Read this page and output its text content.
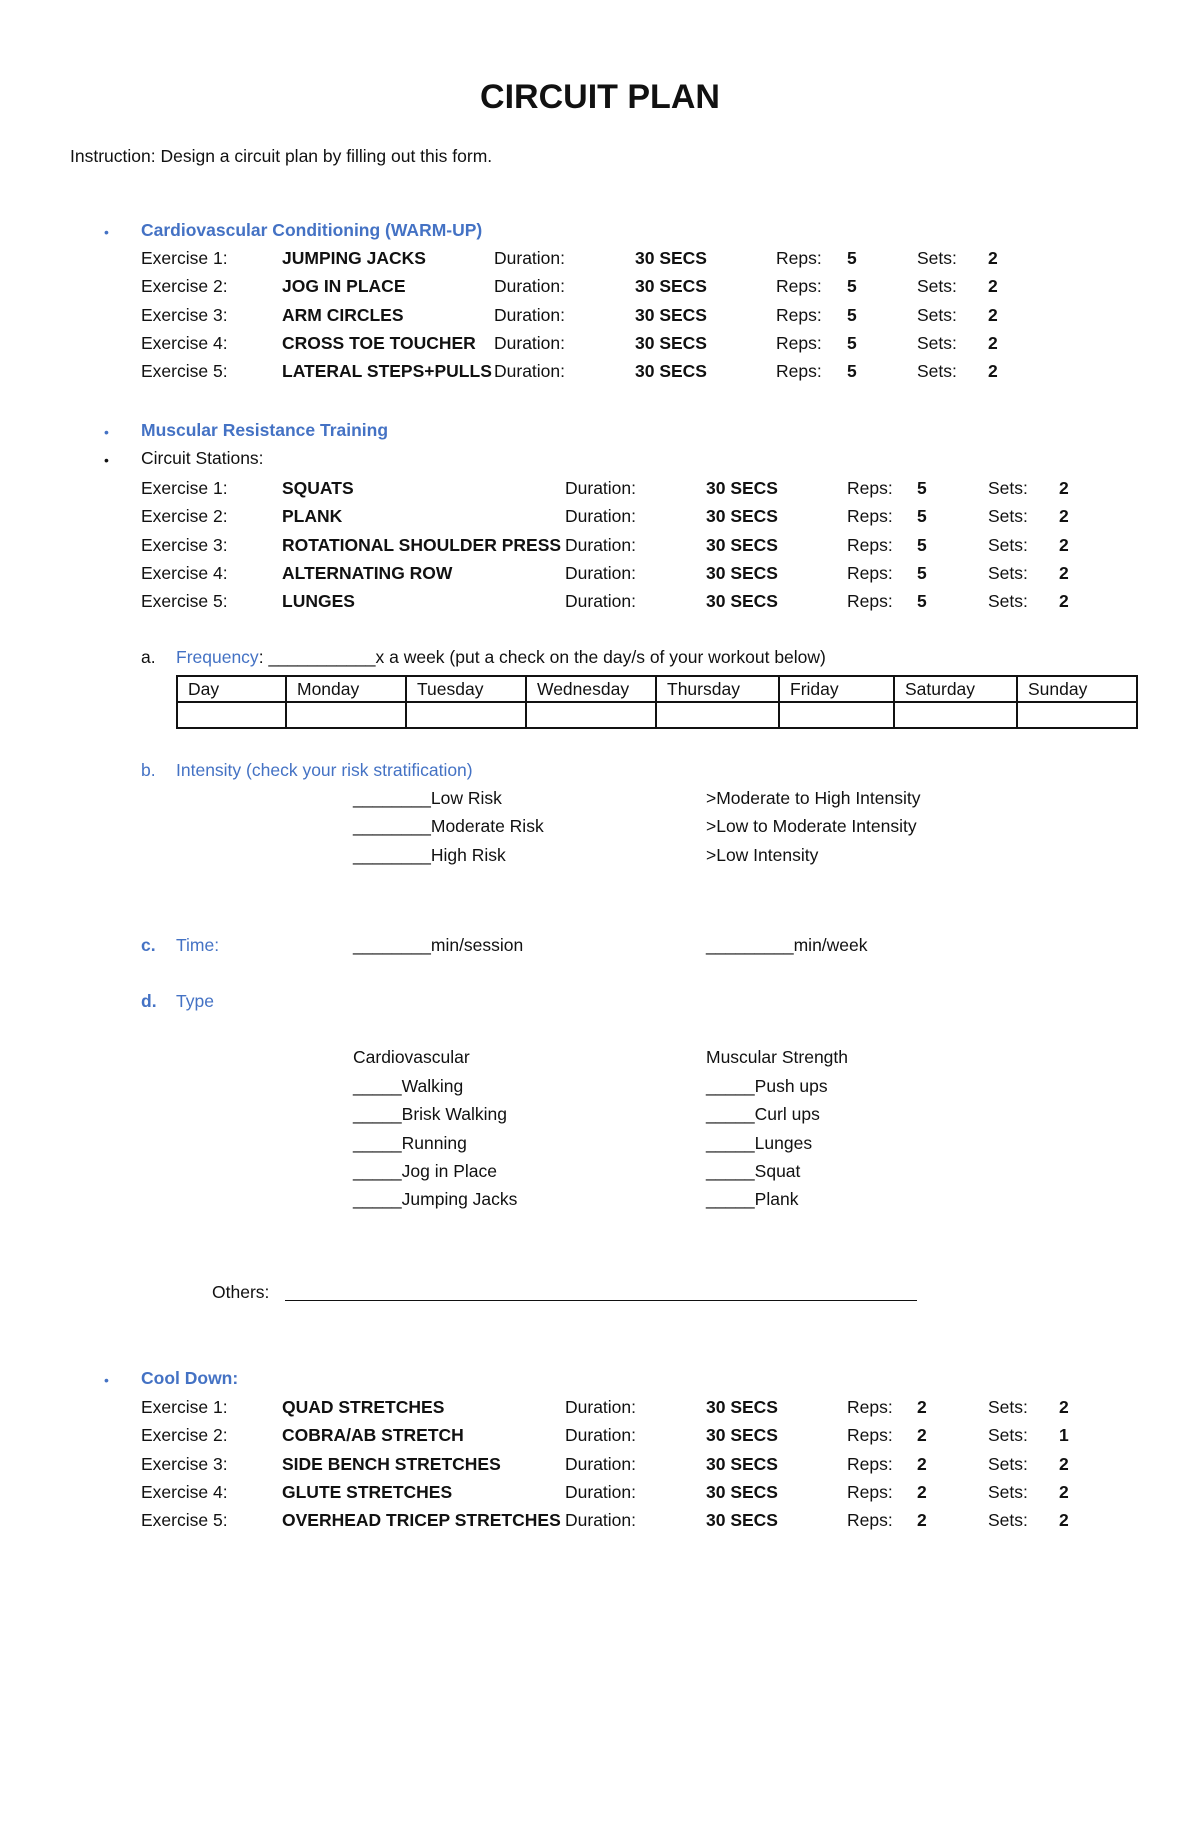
CIRCUIT PLAN
Instruction: Design a circuit plan by filling out this form.
• Cardiovascular Conditioning (WARM-UP)
Exercise 1:	JUMPING JACKS	Duration:	30 SECS	Reps: 5	Sets: 2
Exercise 2:	JOG IN PLACE	Duration:	30 SECS	Reps: 5	Sets: 2
Exercise 3:	ARM CIRCLES	Duration:	30 SECS	Reps: 5	Sets: 2
Exercise 4:	CROSS TOE TOUCHER Duration:	30 SECS	Reps: 5	Sets: 2
Exercise 5:	LATERAL STEPS+PULLS Duration:	30 SECS	Reps: 5	Sets: 2
• Muscular Resistance Training
• Circuit Stations:
Exercise 1:	SQUATS	Duration:	30 SECS	Reps: 5	Sets: 2
Exercise 2:	PLANK	Duration:	30 SECS	Reps: 5	Sets: 2
Exercise 3:	ROTATIONAL SHOULDER PRESS Duration:	30 SECS	Reps: 5	Sets: 2
Exercise 4:	ALTERNATING ROW	Duration:	30 SECS	Reps: 5	Sets: 2
Exercise 5:	LUNGES	Duration:	30 SECS	Reps: 5	Sets: 2
a. Frequency: ___________x a week (put a check on the day/s of your workout below)
Day	Monday	Tuesday	Wednesday	Thursday	Friday	Saturday	Sunday

b. Intensity (check your risk stratification)
________Low Risk	>Moderate to High Intensity
________Moderate Risk	>Low to Moderate Intensity
________High Risk	>Low Intensity
c. Time:	________min/session	_________min/week
d. Type
Cardiovascular	Muscular Strength
_____Walking
_____Brisk Walking
_____Running
_____Jog in Place
_____Jumping Jacks
_____Push ups
_____Curl ups
_____Lunges
_____Squat
_____Plank
Others:
• Cool Down:
Exercise 1:	QUAD STRETCHES	Duration:	30 SECS	Reps: 2	Sets: 2
Exercise 2:	COBRA/AB STRETCH	Duration:	30 SECS	Reps: 2	Sets: 1
Exercise 3:	SIDE BENCH STRETCHES	Duration:	30 SECS	Reps: 2	Sets: 2
Exercise 4:	GLUTE STRETCHES	Duration:	30 SECS	Reps: 2	Sets: 2
Exercise 5:	OVERHEAD TRICEP STRETCHES Duration:	30 SECS	Reps: 2	Sets: 2
